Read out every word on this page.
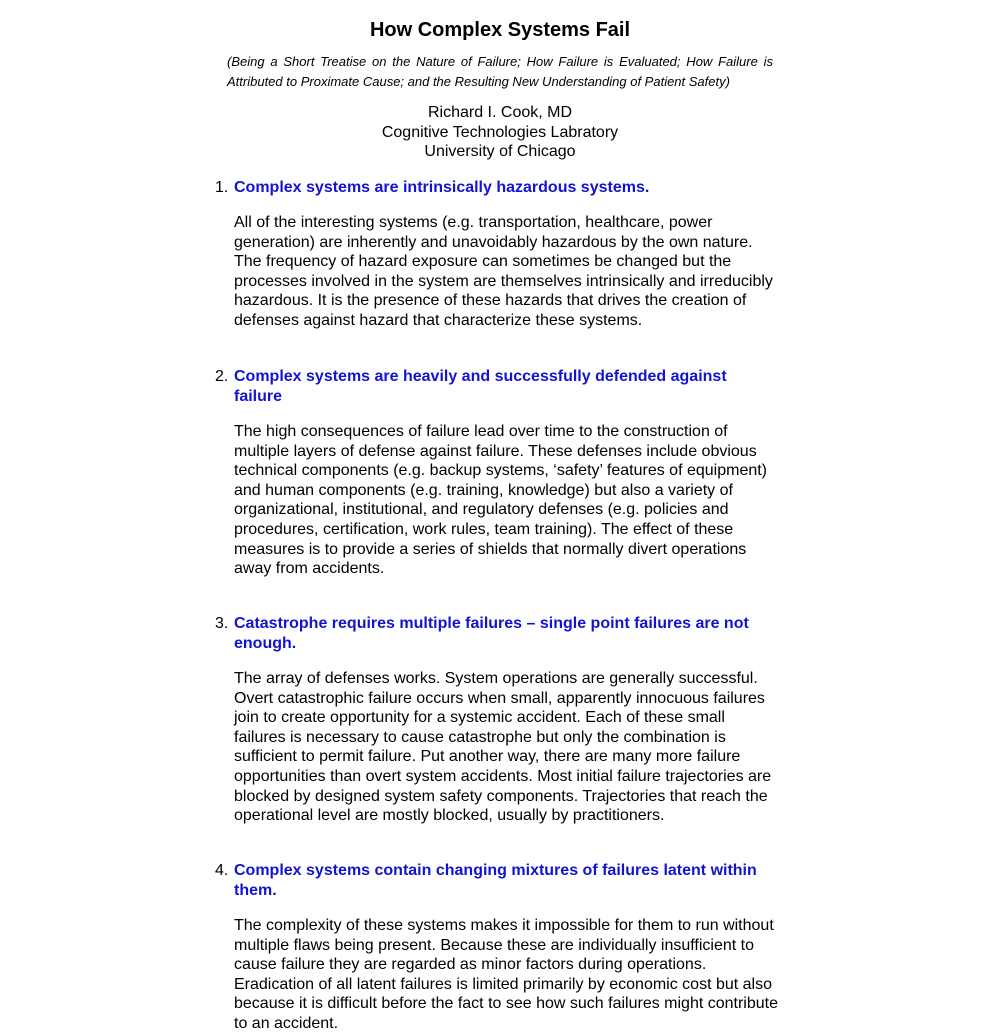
How Complex Systems Fail

(Being a Short Treatise on the Nature of Failure; How Failure is Evaluated; How Failure is Attributed to Proximate Cause; and the Resulting New Understanding of Patient Safety)

Richard I. Cook, MD
Cognitive Technologies Labratory
University of Chicago
1. Complex systems are intrinsically hazardous systems.

All of the interesting systems (e.g. transportation, healthcare, power generation) are inherently and unavoidably hazardous by the own nature. The frequency of hazard exposure can sometimes be changed but the processes involved in the system are themselves intrinsically and irreducibly hazardous. It is the presence of these hazards that drives the creation of defenses against hazard that characterize these systems.

2. Complex systems are heavily and successfully defended against failure

The high consequences of failure lead over time to the construction of multiple layers of defense against failure. These defenses include obvious technical components (e.g. backup systems, ‘safety’ features of equipment) and human components (e.g. training, knowledge) but also a variety of organizational, institutional, and regulatory defenses (e.g. policies and procedures, certification, work rules, team training). The effect of these measures is to provide a series of shields that normally divert operations away from accidents.

3. Catastrophe requires multiple failures – single point failures are not enough.

The array of defenses works. System operations are generally successful. Overt catastrophic failure occurs when small, apparently innocuous failures join to create opportunity for a systemic accident. Each of these small failures is necessary to cause catastrophe but only the combination is sufficient to permit failure. Put another way, there are many more failure opportunities than overt system accidents. Most initial failure trajectories are blocked by designed system safety components. Trajectories that reach the operational level are mostly blocked, usually by practitioners.

4. Complex systems contain changing mixtures of failures latent within them.

The complexity of these systems makes it impossible for them to run without multiple flaws being present. Because these are individually insufficient to cause failure they are regarded as minor factors during operations. Eradication of all latent failures is limited primarily by economic cost but also because it is difficult before the fact to see how such failures might contribute to an accident.
